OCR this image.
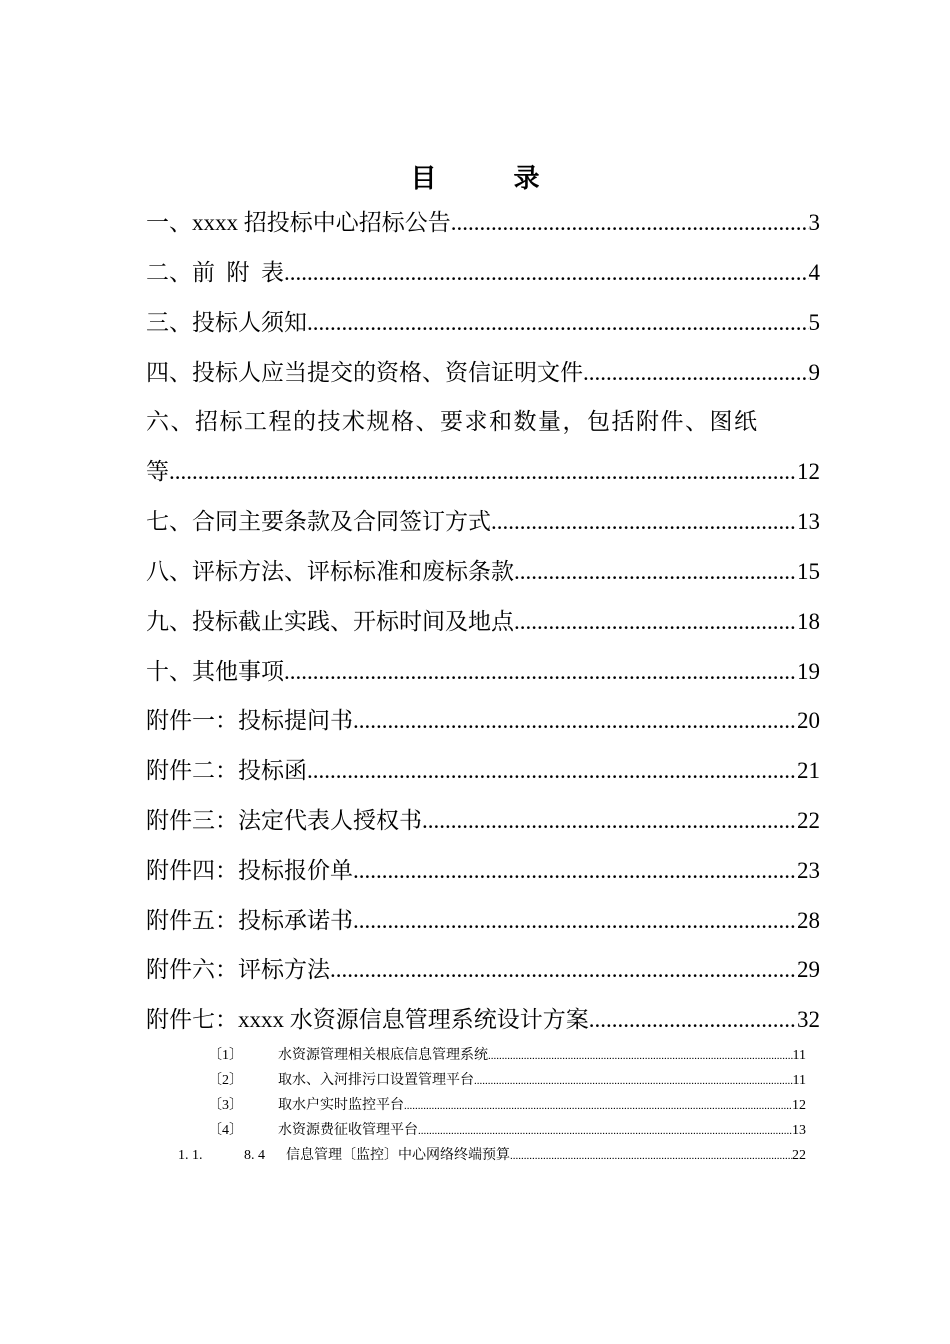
目 录
一、xxxx 招投标中心招标公告 .....	3
二、前  附  表 .....	4
三、投标人须知 .....	5
四、投标人应当提交的资格、资信证明文件 .....	9
六、招标工程的技术规格、要求和数量，包括附件、图纸
等 .....	12
七、合同主要条款及合同签订方式 .....	13
八、评标方法、评标标准和废标条款 .....	15
九、投标截止实践、开标时间及地点 .....	18
十、其他事项 .....	19
附件一：投标提问书 .....	20
附件二：投标函 .....	21
附件三：法定代表人授权书 .....	22
附件四：投标报价单 .....	23
附件五：投标承诺书 .....	28
附件六：评标方法 .....	29
附件七：xxxx 水资源信息管理系统设计方案 .....	32
〔1〕	水资源管理相关根底信息管理系统 .....	11
〔2〕	取水、入河排污口设置管理平台 .....	11
〔3〕	取水户实时监控平台 .....	12
〔4〕	水资源费征收管理平台 .....	13
1. 1.	8. 4	信息管理〔监控〕中心网络终端预算 .....	22
